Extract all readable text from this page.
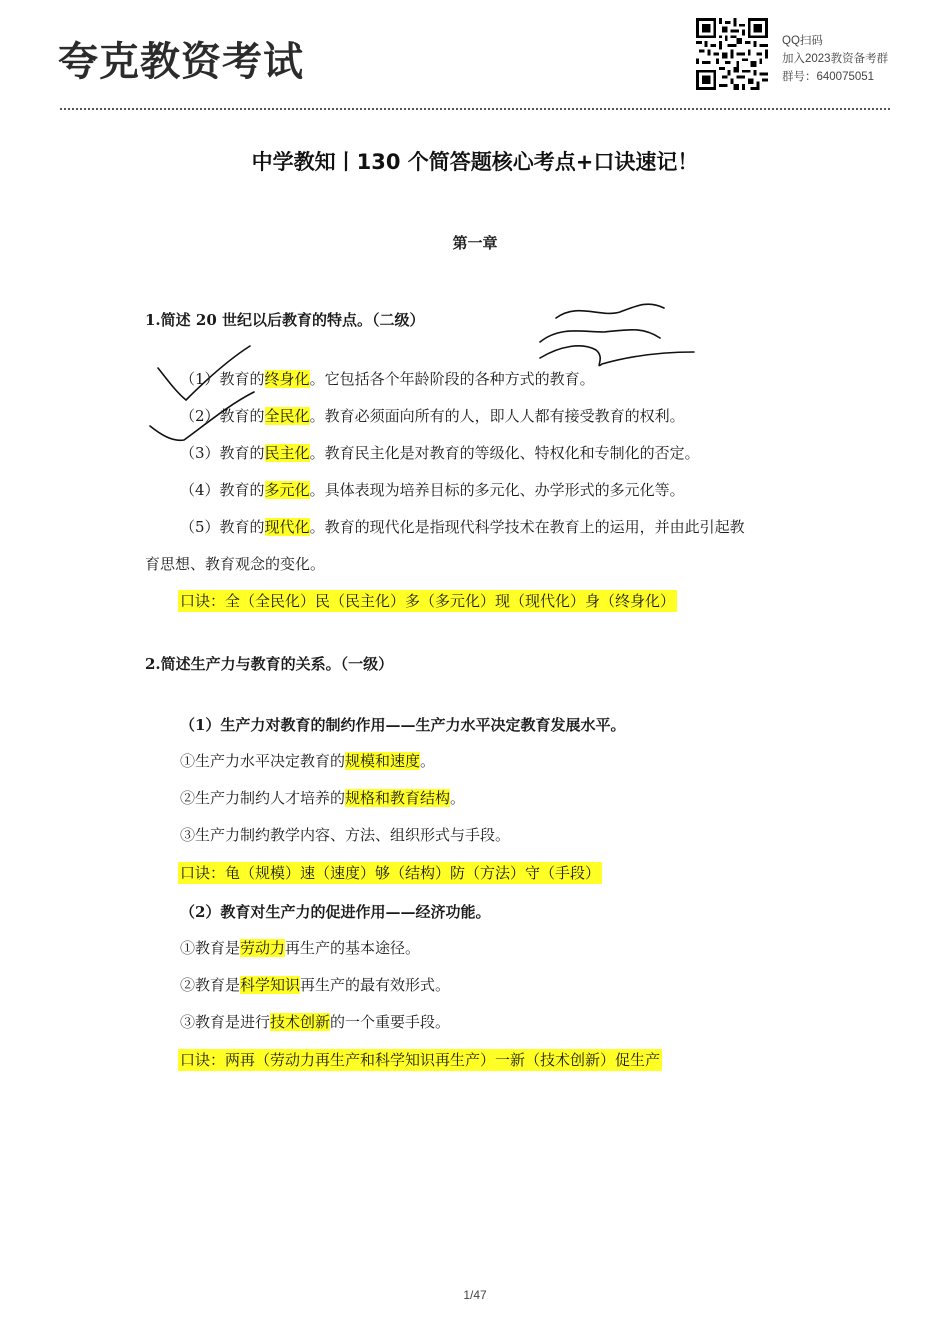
夸克教资考试	QQ扫码
加入2023教资备考群
群号：640075051
中学教知丨130 个简答题核心考点+口诀速记！
第一章
1.简述 20 世纪以后教育的特点。（二级）
（1）教育的终身化。它包括各个年龄阶段的各种方式的教育。
（2）教育的全民化。教育必须面向所有的人，即人人都有接受教育的权利。
（3）教育的民主化。教育民主化是对教育的等级化、特权化和专制化的否定。
（4）教育的多元化。具体表现为培养目标的多元化、办学形式的多元化等。
（5）教育的现代化。教育的现代化是指现代科学技术在教育上的运用，并由此引起教
育思想、教育观念的变化。
口诀：全（全民化）民（民主化）多（多元化）现（现代化）身（终身化）
2.简述生产力与教育的关系。（一级）
（1）生产力对教育的制约作用——生产力水平决定教育发展水平。
①生产力水平决定教育的规模和速度。
②生产力制约人才培养的规格和教育结构。
③生产力制约教学内容、方法、组织形式与手段。
口诀：龟（规模）速（速度）够（结构）防（方法）守（手段）
（2）教育对生产力的促进作用——经济功能。
①教育是劳动力再生产的基本途径。
②教育是科学知识再生产的最有效形式。
③教育是进行技术创新的一个重要手段。
口诀：两再（劳动力再生产和科学知识再生产）一新（技术创新）促生产
1/47
